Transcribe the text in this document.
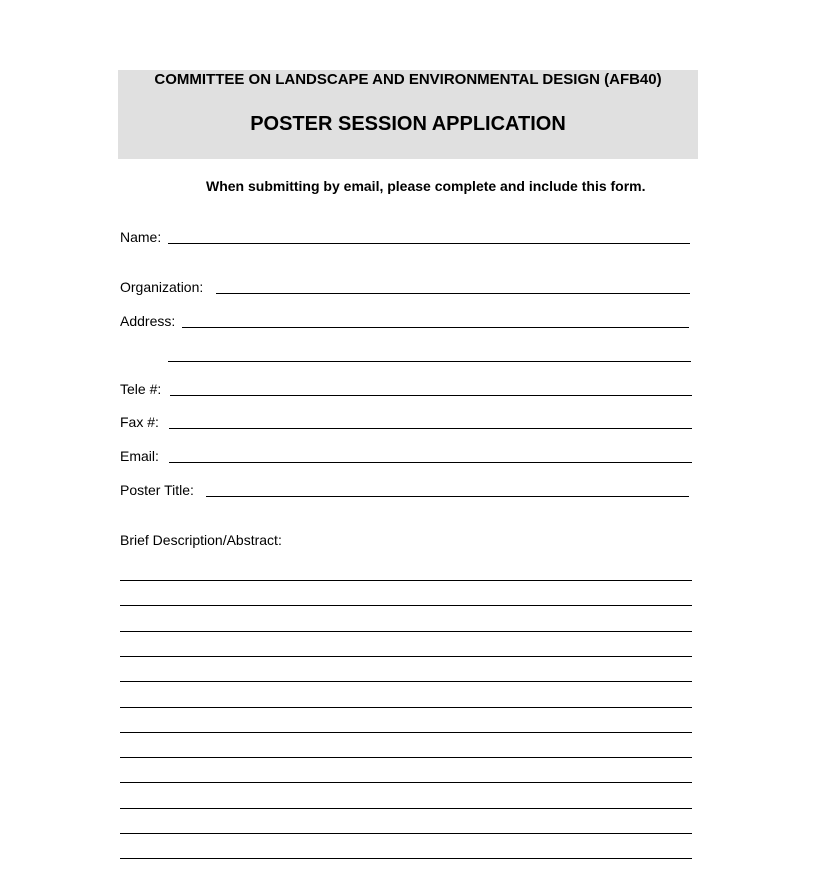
COMMITTEE ON LANDSCAPE AND ENVIRONMENTAL DESIGN (AFB40)
POSTER SESSION APPLICATION
When submitting by email, please complete and include this form.
Name:
Organization:
Address:
Tele #:
Fax #:
Email:
Poster Title:
Brief Description/Abstract:
